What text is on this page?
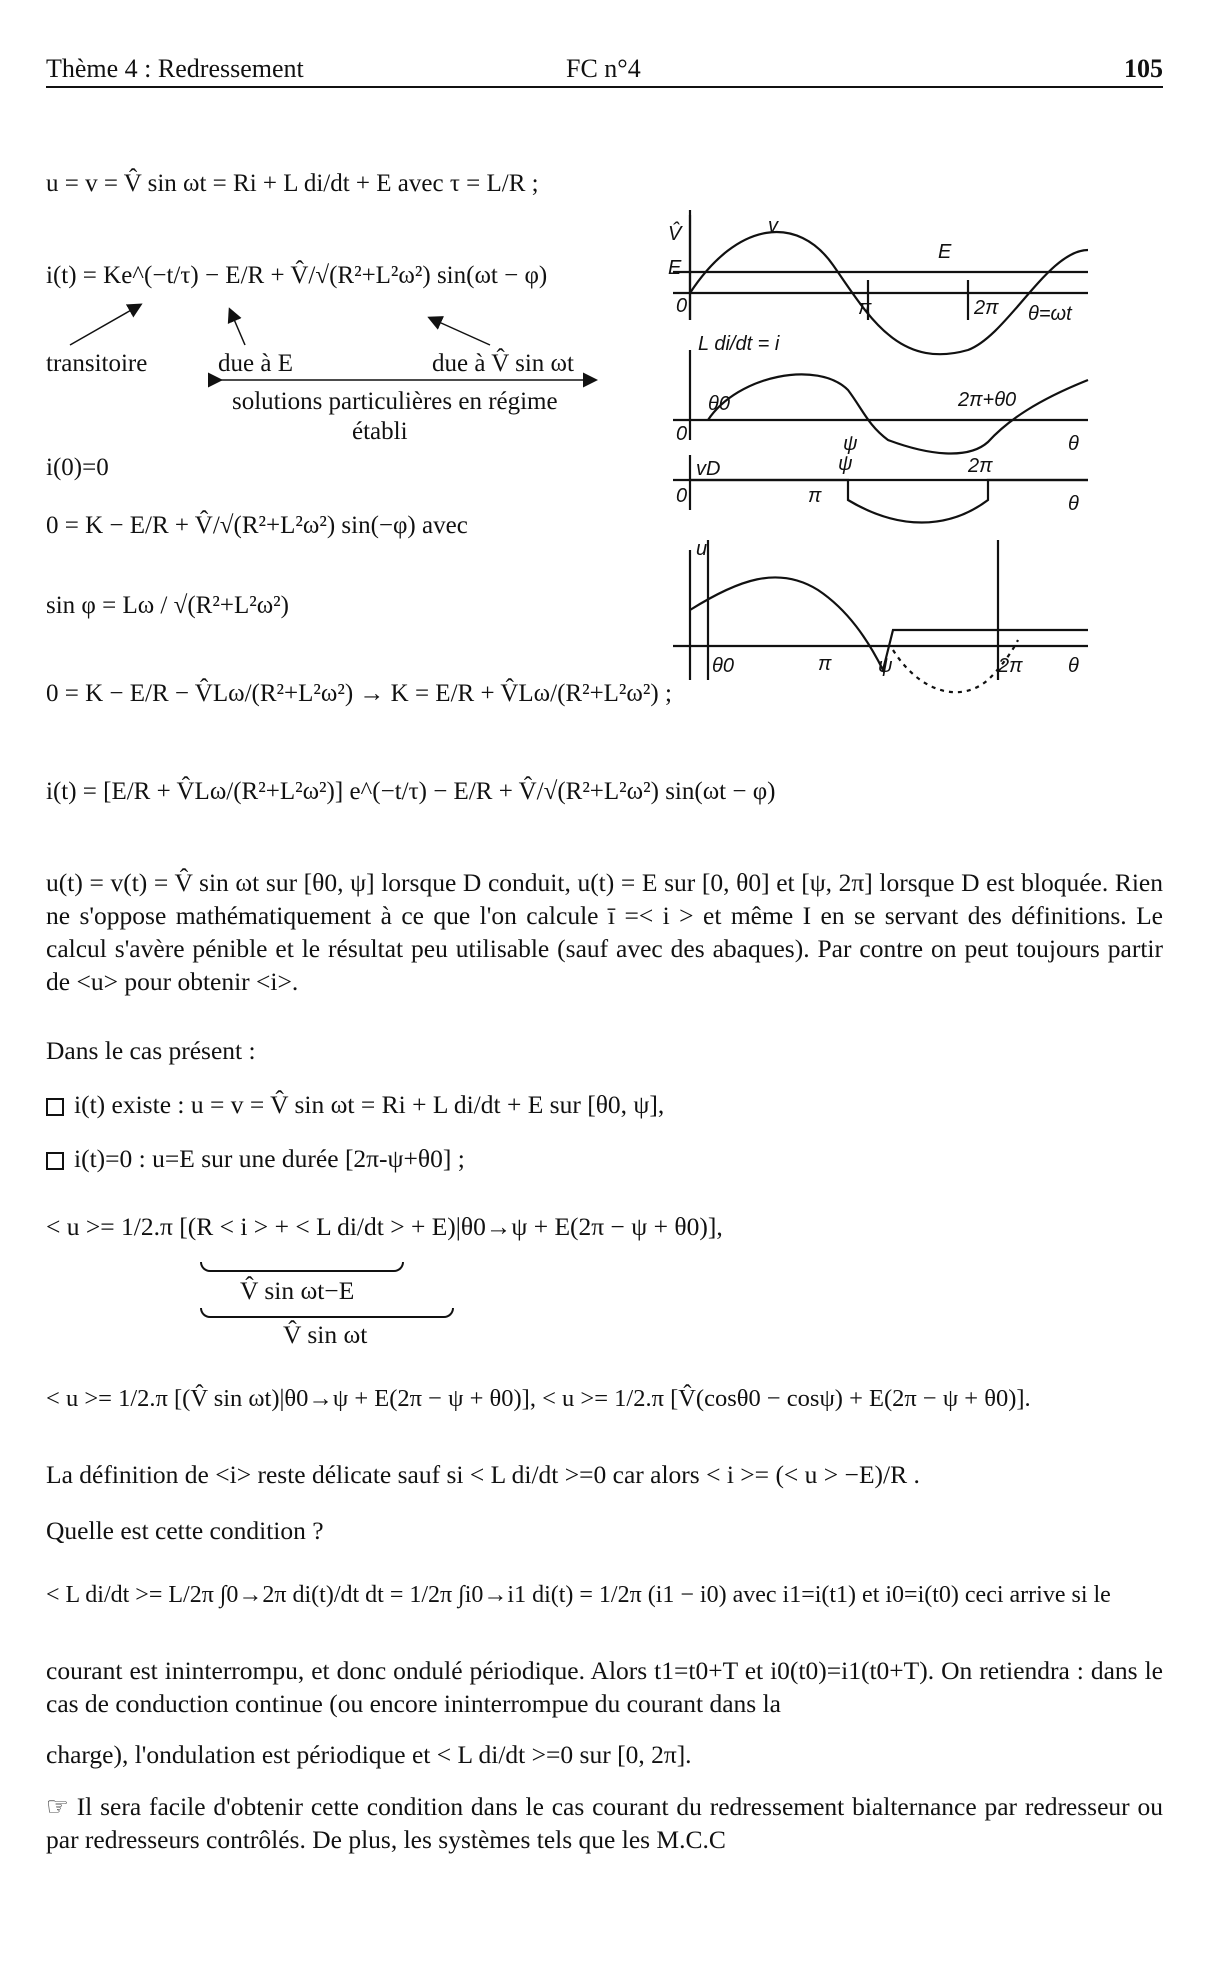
Thème 4 : Redressement	FC n°4	105
u = v = V̂ sin ωt = Ri + L di/dt + E avec τ = L/R ;
i(t) = Ke^(−t/τ) − E/R + V̂/√(R²+L²ω²) sin(ωt − φ)
transitoire	due à E	due à V̂ sin ωt
solutions particulières en régime
établi
i(0)=0
0 = K − E/R + V̂/√(R²+L²ω²) sin(−φ) avec
sin φ = Lω / √(R²+L²ω²)
0 = K − E/R − V̂Lω/(R²+L²ω²) → K = E/R + V̂Lω/(R²+L²ω²) ;
i(t) = [E/R + V̂Lω/(R²+L²ω²)] e^(−t/τ) − E/R + V̂/√(R²+L²ω²) sin(ωt − φ)
V̂
E
v
E
0	π	2π θ=ωt
L di/dt = i
θ0
ψ
2π+θ0
θ
0
vD	ψ
π
2π
θ
0
u
θ0	π ψ	2π θ
u(t) = v(t) = V̂ sin ωt sur [θ0, ψ] lorsque D conduit, u(t) = E sur [0, θ0] et [ψ, 2π] lorsque D est bloquée. Rien ne s'oppose mathématiquement à ce que l'on calcule ī =< i > et même I en se servant des définitions. Le calcul s'avère pénible et le résultat peu utilisable (sauf avec des abaques). Par contre on peut toujours partir de <u> pour obtenir <i>.
Dans le cas présent :
i(t) existe : u = v = V̂ sin ωt = Ri + L di/dt + E sur [θ0, ψ],
i(t)=0 : u=E sur une durée [2π-ψ+θ0] ;
< u >= 1/2.π [(R < i > + < L di/dt > + E)|θ0→ψ + E(2π − ψ + θ0)],
V̂ sin ωt−E
V̂ sin ωt
< u >= 1/2.π [(V̂ sin ωt)|θ0→ψ + E(2π − ψ + θ0)], < u >= 1/2.π [V̂(cosθ0 − cosψ) + E(2π − ψ + θ0)].
La définition de <i> reste délicate sauf si < L di/dt >=0 car alors < i >= (< u > −E)/R .
Quelle est cette condition ?
< L di/dt >= L/2π ∫0→2π di(t)/dt dt = 1/2π ∫i0→i1 di(t) = 1/2π (i1 − i0) avec i1=i(t1) et i0=i(t0) ceci arrive si le
courant est ininterrompu, et donc ondulé périodique. Alors t1=t0+T et i0(t0)=i1(t0+T). On retiendra : dans le cas de conduction continue (ou encore ininterrompue du courant dans la
charge), l'ondulation est périodique et < L di/dt >=0 sur [0, 2π].
☞ Il sera facile d'obtenir cette condition dans le cas courant du redressement bialternance par redresseur ou par redresseurs contrôlés. De plus, les systèmes tels que les M.C.C
